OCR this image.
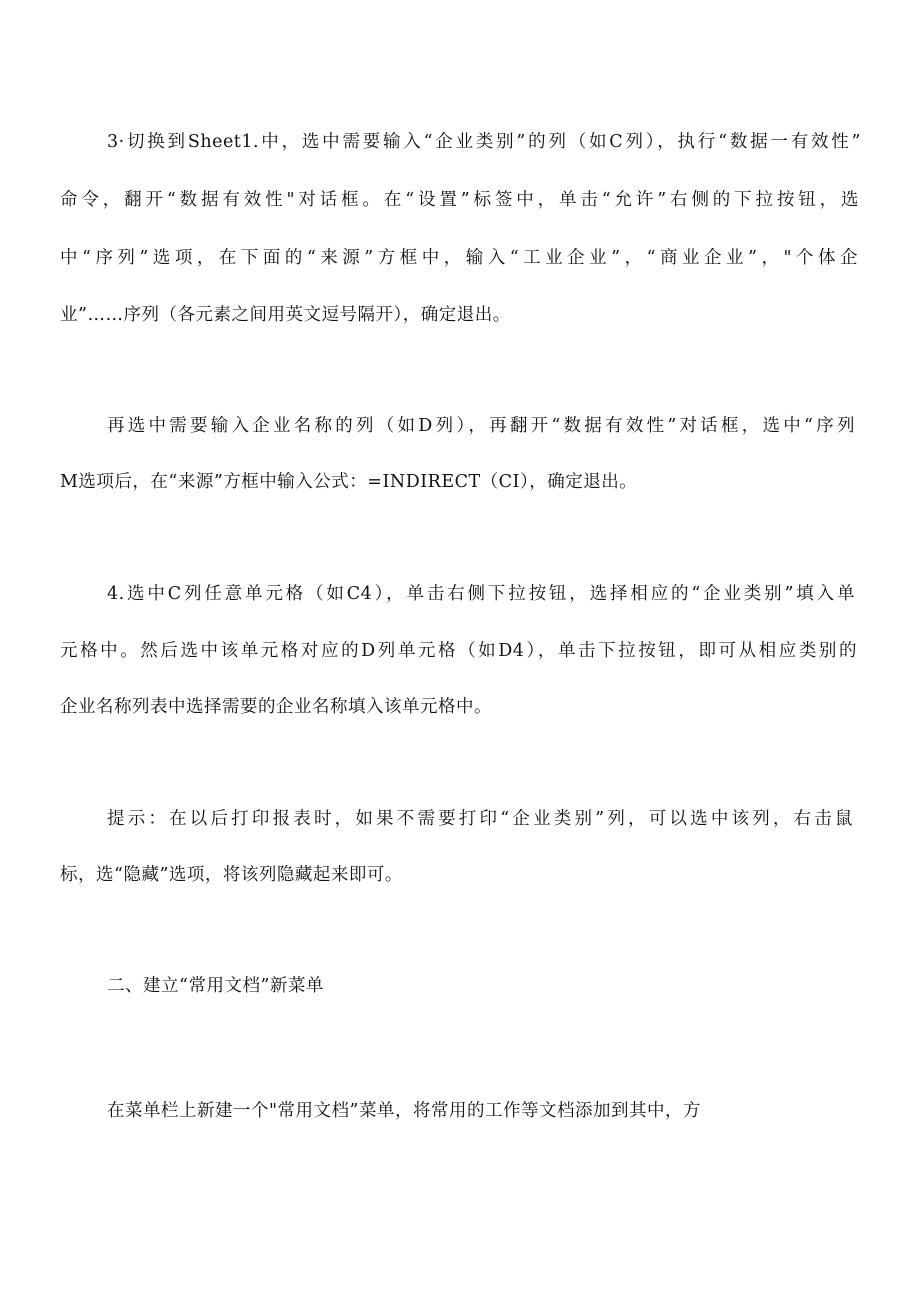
3·切换到Sheet1.中，选中需要输入“企业类别”的列（如C列），执行“数据一有效性”
命令，翻开“数据有效性"对话框。在“设置”标签中，单击“允许”右侧的下拉按钮，选
中“序列”选项，在下面的“来源”方框中，输入“工业企业”，“商业企业”，"个体企
业”……序列（各元素之间用英文逗号隔开），确定退出。
再选中需要输入企业名称的列（如D列），再翻开“数据有效性”对话框，选中“序列
M选项后，在“来源”方框中输入公式：=INDIRECT（CI），确定退出。
4.选中C列任意单元格（如C4），单击右侧下拉按钮，选择相应的“企业类别”填入单
元格中。然后选中该单元格对应的D列单元格（如D4），单击下拉按钮，即可从相应类别的
企业名称列表中选择需要的企业名称填入该单元格中。
提示：在以后打印报表时，如果不需要打印“企业类别”列，可以选中该列，右击鼠
标，选“隐藏”选项，将该列隐藏起来即可。
二、建立“常用文档”新菜单
在菜单栏上新建一个"常用文档”菜单，将常用的工作等文档添加到其中，方
